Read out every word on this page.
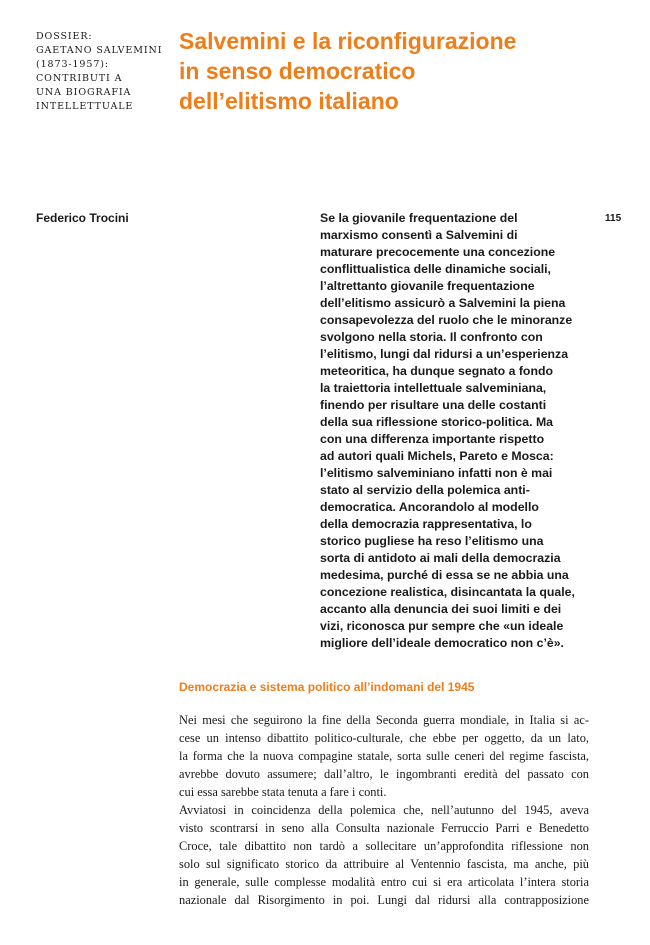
DOSSIER:
GAETANO SALVEMINI
(1873-1957):
CONTRIBUTI A
UNA BIOGRAFIA
INTELLETTUALE
Salvemini e la riconfigurazione
in senso democratico
dell’elitismo italiano

Federico Trocini	115

Se la giovanile frequentazione del
marxismo consentì a Salvemini di
maturare precocemente una concezione
conflittualistica delle dinamiche sociali,
l’altrettanto giovanile frequentazione
dell’elitismo assicurò a Salvemini la piena
consapevolezza del ruolo che le minoranze
svolgono nella storia. Il confronto con
l’elitismo, lungi dal ridursi a un’esperienza
meteoritica, ha dunque segnato a fondo
la traiettoria intellettuale salveminiana,
finendo per risultare una delle costanti
della sua riflessione storico-politica. Ma
con una differenza importante rispetto
ad autori quali Michels, Pareto e Mosca:
l’elitismo salveminiano infatti non è mai
stato al servizio della polemica anti-
democratica. Ancorandolo al modello
della democrazia rappresentativa, lo
storico pugliese ha reso l’elitismo una
sorta di antidoto ai mali della democrazia
medesima, purché di essa se ne abbia una
concezione realistica, disincantata la quale,
accanto alla denuncia dei suoi limiti e dei
vizi, riconosca pur sempre che «un ideale
migliore dell’ideale democratico non c’è».
Democrazia e sistema politico all’indomani del 1945
Nei mesi che seguirono la fine della Seconda guerra mondiale, in Italia si ac-
cese un intenso dibattito politico-culturale, che ebbe per oggetto, da un lato,
la forma che la nuova compagine statale, sorta sulle ceneri del regime fascista,
avrebbe dovuto assumere; dall’altro, le ingombranti eredità del passato con
cui essa sarebbe stata tenuta a fare i conti.
Avviatosi in coincidenza della polemica che, nell’autunno del 1945, aveva
visto scontrarsi in seno alla Consulta nazionale Ferruccio Parri e Benedetto
Croce, tale dibattito non tardò a sollecitare un’approfondita riflessione non
solo sul significato storico da attribuire al Ventennio fascista, ma anche, più
in generale, sulle complesse modalità entro cui si era articolata l’intera storia
nazionale dal Risorgimento in poi. Lungi dal ridursi alla contrapposizione
